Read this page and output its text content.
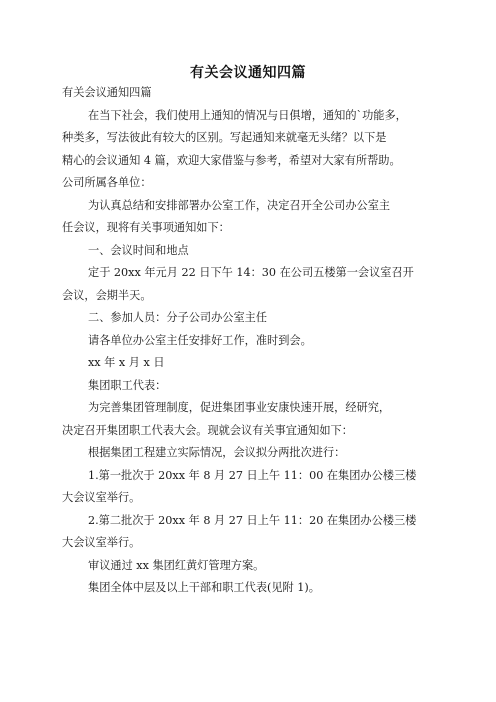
有关会议通知四篇
有关会议通知四篇
在当下社会，我们使用上通知的情况与日俱增，通知的`功能多，
种类多，写法彼此有较大的区别。写起通知来就毫无头绪？以下是
精心的会议通知 4 篇，欢迎大家借鉴与参考，希望对大家有所帮助。
公司所属各单位：
为认真总结和安排部署办公室工作，决定召开全公司办公室主
任会议，现将有关事项通知如下：
一、会议时间和地点
定于 20xx 年元月 22 日下午 14：30 在公司五楼第一会议室召开
会议，会期半天。
二、参加人员：分子公司办公室主任
请各单位办公室主任安排好工作，准时到会。
xx 年 x 月 x 日
集团职工代表：
为完善集团管理制度，促进集团事业安康快速开展，经研究，
决定召开集团职工代表大会。现就会议有关事宜通知如下：
根据集团工程建立实际情况，会议拟分两批次进行：
1.第一批次于 20xx 年 8 月 27 日上午 11：00 在集团办公楼三楼
大会议室举行。
2.第二批次于 20xx 年 8 月 27 日上午 11：20 在集团办公楼三楼
大会议室举行。
审议通过 xx 集团红黄灯管理方案。
集团全体中层及以上干部和职工代表(见附 1)。
